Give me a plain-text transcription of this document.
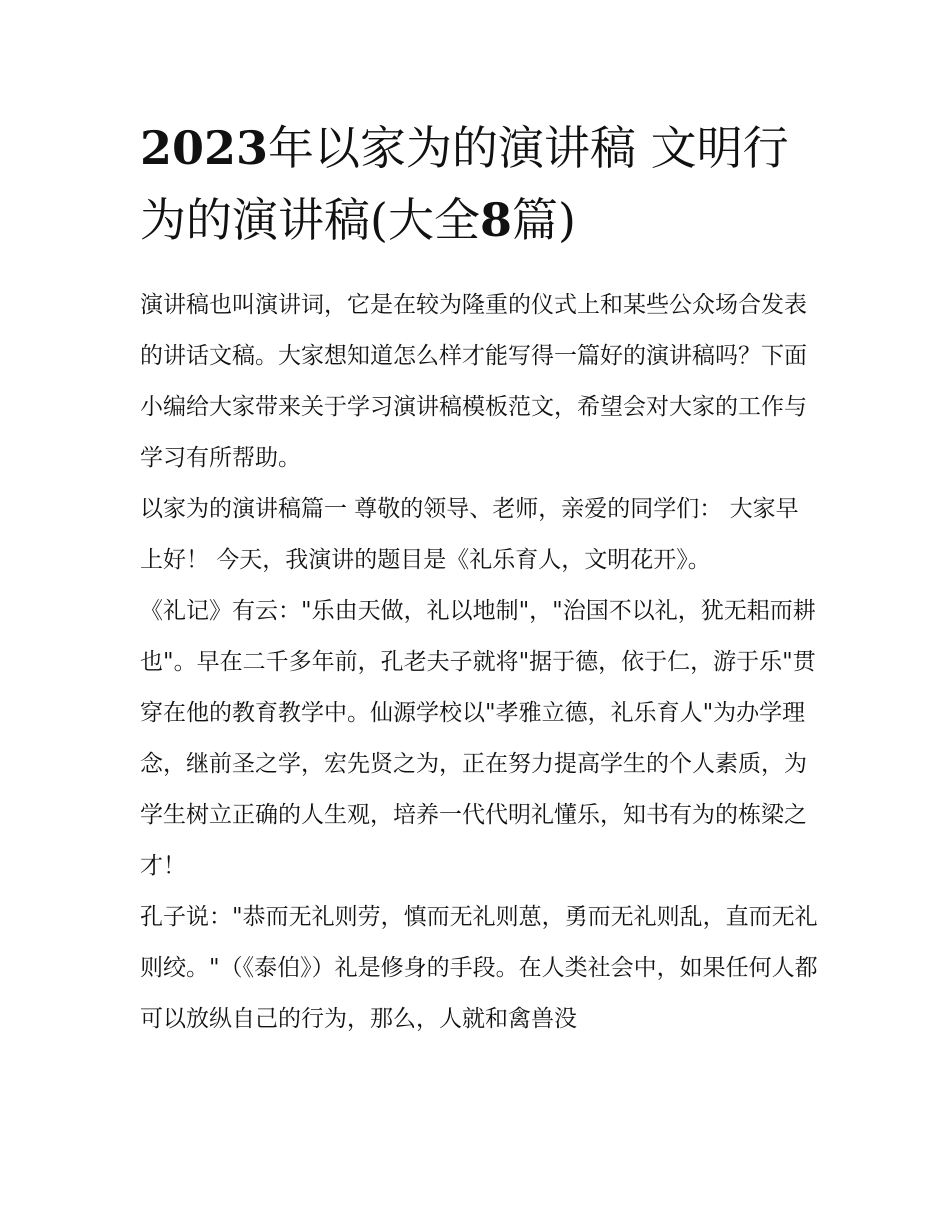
2023年以家为的演讲稿 文明行为的演讲稿(大全8篇)

演讲稿也叫演讲词，它是在较为隆重的仪式上和某些公众场合发表的讲话文稿。大家想知道怎么样才能写得一篇好的演讲稿吗？下面小编给大家带来关于学习演讲稿模板范文，希望会对大家的工作与学习有所帮助。

以家为的演讲稿篇一 尊敬的领导、老师，亲爱的同学们： 大家早上好！ 今天，我演讲的题目是《礼乐育人，文明花开》。

《礼记》有云："乐由天做，礼以地制"，"治国不以礼，犹无耜而耕也"。早在二千多年前，孔老夫子就将"据于德，依于仁，游于乐"贯穿在他的教育教学中。仙源学校以"孝雅立德，礼乐育人"为办学理念，继前圣之学，宏先贤之为，正在努力提高学生的个人素质，为学生树立正确的人生观，培养一代代明礼懂乐，知书有为的栋梁之才！

孔子说："恭而无礼则劳，慎而无礼则葸，勇而无礼则乱，直而无礼则绞。"（《泰伯》）礼是修身的手段。在人类社会中，如果任何人都可以放纵自己的行为，那么，人就和禽兽没
